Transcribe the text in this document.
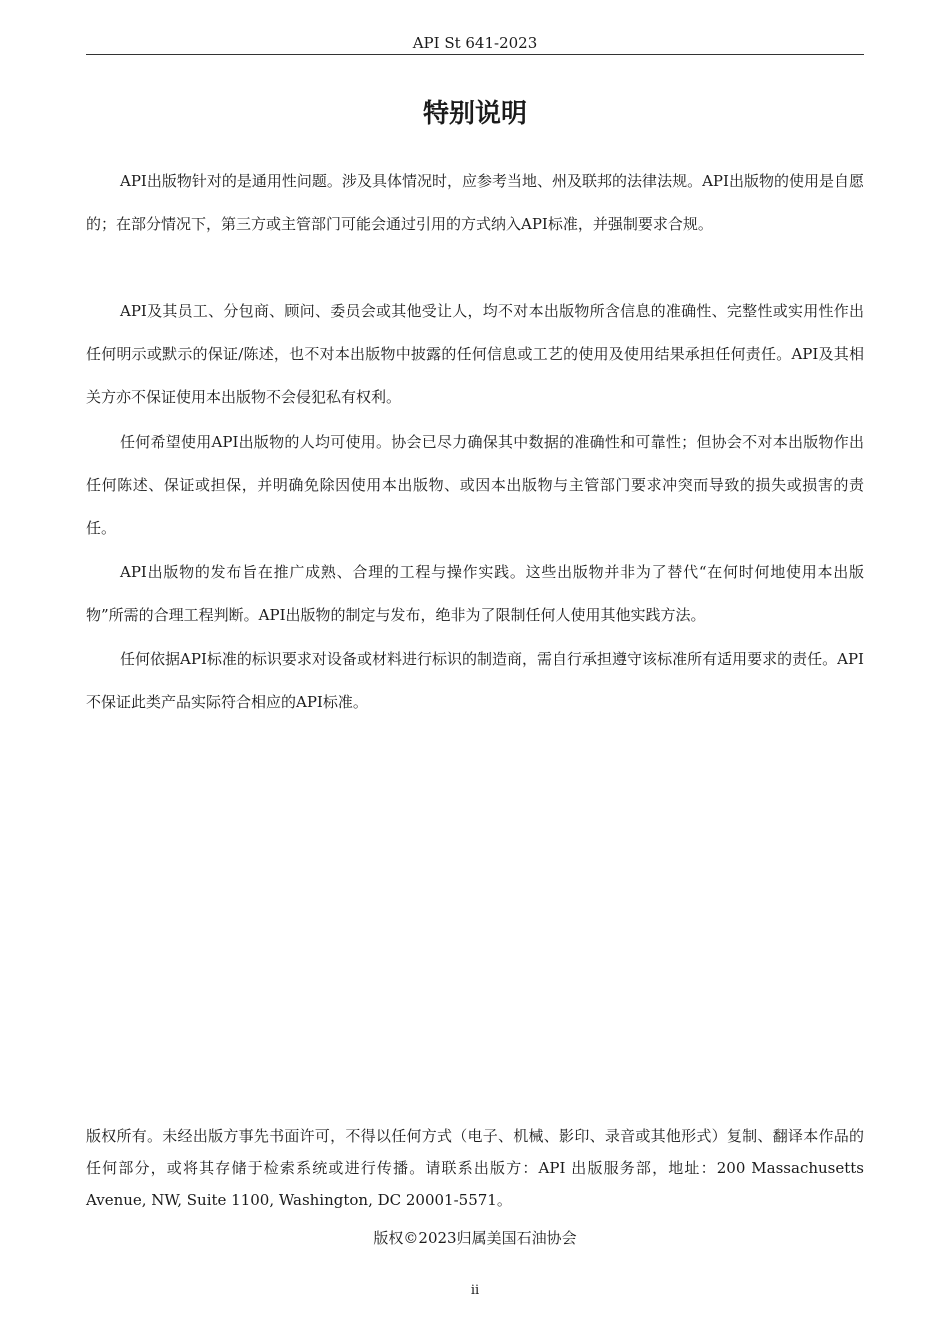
API St 641-2023
特别说明

API出版物针对的是通用性问题。涉及具体情况时，应参考当地、州及联邦的法律法规。API出版物的使用是自愿的；在部分情况下，第三方或主管部门可能会通过引用的方式纳入API标准，并强制要求合规。

API及其员工、分包商、顾问、委员会或其他受让人，均不对本出版物所含信息的准确性、完整性或实用性作出任何明示或默示的保证/陈述，也不对本出版物中披露的任何信息或工艺的使用及使用结果承担任何责任。API及其相关方亦不保证使用本出版物不会侵犯私有权利。

任何希望使用API出版物的人均可使用。协会已尽力确保其中数据的准确性和可靠性；但协会不对本出版物作出任何陈述、保证或担保，并明确免除因使用本出版物、或因本出版物与主管部门要求冲突而导致的损失或损害的责任。

API出版物的发布旨在推广成熟、合理的工程与操作实践。这些出版物并非为了替代“在何时何地使用本出版物”所需的合理工程判断。API出版物的制定与发布，绝非为了限制任何人使用其他实践方法。

任何依据API标准的标识要求对设备或材料进行标识的制造商，需自行承担遵守该标准所有适用要求的责任。API不保证此类产品实际符合相应的API标准。

版权所有。未经出版方事先书面许可，不得以任何方式（电子、机械、影印、录音或其他形式）复制、翻译本作品的任何部分，或将其存储于检索系统或进行传播。请联系出版方：API 出版服务部，地址：200 Massachusetts Avenue, NW, Suite 1100, Washington, DC 20001-5571。

版权©2023归属美国石油协会
ii
